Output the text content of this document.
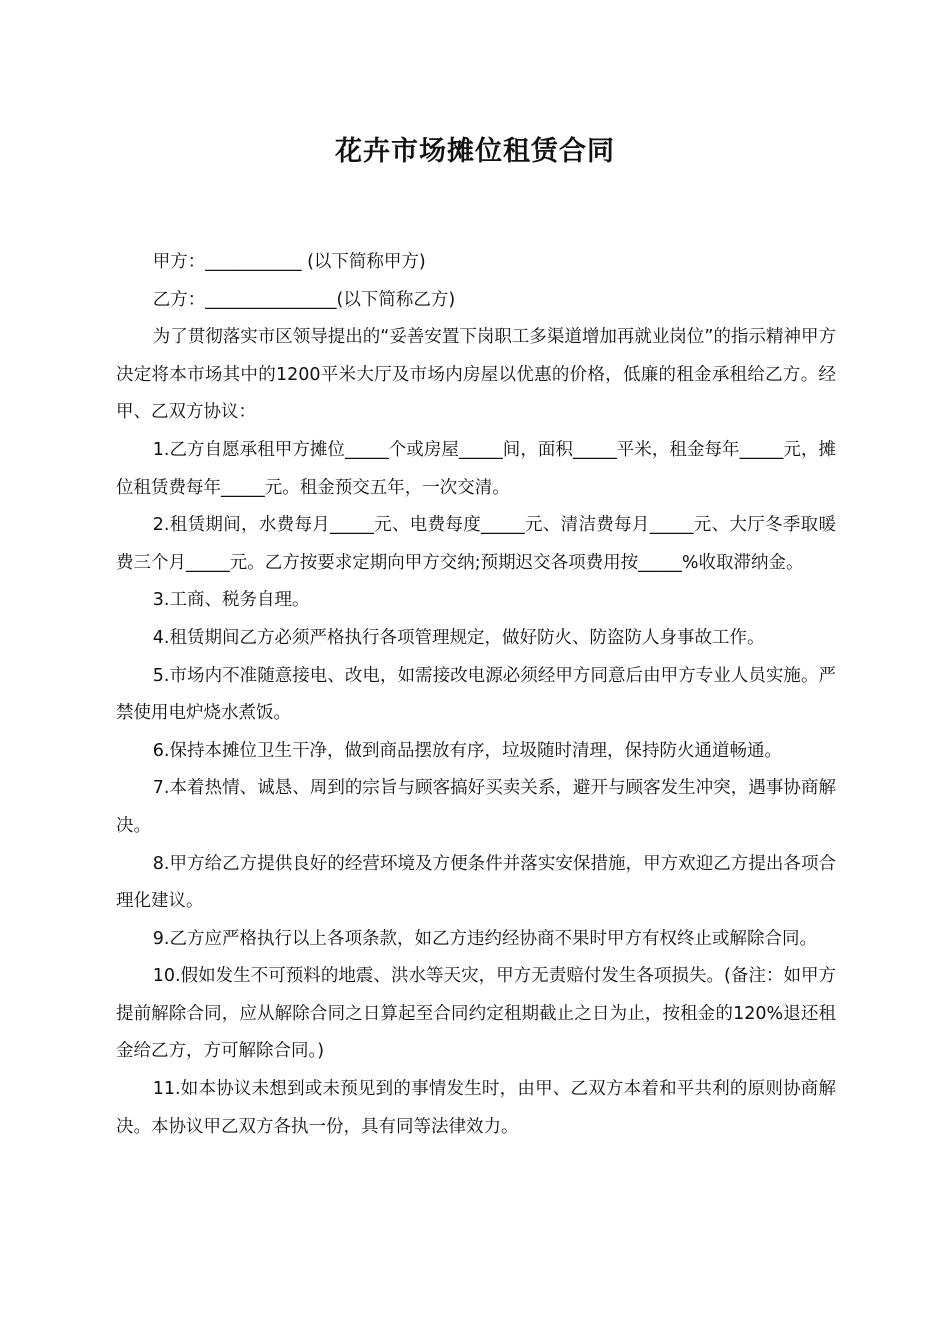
花卉市场摊位租赁合同

甲方：___________ (以下简称甲方)

乙方：_______________(以下简称乙方)

为了贯彻落实市区领导提出的“妥善安置下岗职工多渠道增加再就业岗位”的指示精神甲方决定将本市场其中的1200平米大厅及市场内房屋以优惠的价格，低廉的租金承租给乙方。经甲、乙双方协议：

1.乙方自愿承租甲方摊位_____个或房屋_____间，面积_____平米，租金每年_____元，摊位租赁费每年_____元。租金预交五年，一次交清。

2.租赁期间，水费每月_____元、电费每度_____元、清洁费每月_____元、大厅冬季取暖费三个月_____元。乙方按要求定期向甲方交纳;预期迟交各项费用按_____%收取滞纳金。

3.工商、税务自理。

4.租赁期间乙方必须严格执行各项管理规定，做好防火、防盗防人身事故工作。

5.市场内不准随意接电、改电，如需接改电源必须经甲方同意后由甲方专业人员实施。严禁使用电炉烧水煮饭。

6.保持本摊位卫生干净，做到商品摆放有序，垃圾随时清理，保持防火通道畅通。

7.本着热情、诚恳、周到的宗旨与顾客搞好买卖关系，避开与顾客发生冲突，遇事协商解决。

8.甲方给乙方提供良好的经营环境及方便条件并落实安保措施，甲方欢迎乙方提出各项合理化建议。

9.乙方应严格执行以上各项条款，如乙方违约经协商不果时甲方有权终止或解除合同。

10.假如发生不可预料的地震、洪水等天灾，甲方无责赔付发生各项损失。(备注：如甲方提前解除合同，应从解除合同之日算起至合同约定租期截止之日为止，按租金的120%退还租金给乙方，方可解除合同。)

11.如本协议未想到或未预见到的事情发生时，由甲、乙双方本着和平共利的原则协商解决。本协议甲乙双方各执一份，具有同等法律效力。
